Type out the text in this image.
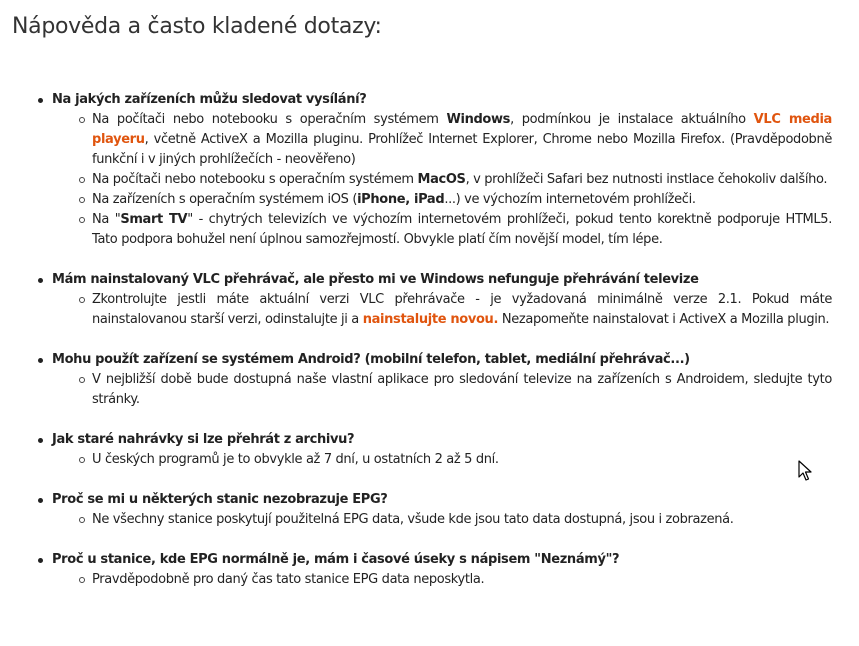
Nápověda a často kladené dotazy:
Na jakých zařízeních můžu sledovat vysílání?
Na počítači nebo notebooku s operačním systémem Windows, podmínkou je instalace aktuálního VLC media playeru, včetně ActiveX a Mozilla pluginu. Prohlížeč Internet Explorer, Chrome nebo Mozilla Firefox. (Pravděpodobně funkční i v jiných prohlížečích - neověřeno)
Na počítači nebo notebooku s operačním systémem MacOS, v prohlížeči Safari bez nutnosti instlace čehokoliv dalšího.
Na zařízeních s operačním systémem iOS (iPhone, iPad...) ve výchozím internetovém prohlížeči.
Na "Smart TV" - chytrých televizích ve výchozím internetovém prohlížeči, pokud tento korektně podporuje HTML5. Tato podpora bohužel není úplnou samozřejmostí. Obvykle platí čím novější model, tím lépe.
Mám nainstalovaný VLC přehrávač, ale přesto mi ve Windows nefunguje přehrávání televize
Zkontrolujte jestli máte aktuální verzi VLC přehrávače - je vyžadovaná minimálně verze 2.1. Pokud máte nainstalovanou starší verzi, odinstalujte ji a nainstalujte novou. Nezapomeňte nainstalovat i ActiveX a Mozilla plugin.
Mohu použít zařízení se systémem Android? (mobilní telefon, tablet, mediální přehrávač...)
V nejbližší době bude dostupná naše vlastní aplikace pro sledování televize na zařízeních s Androidem, sledujte tyto stránky.
Jak staré nahrávky si lze přehrát z archivu?
U českých programů je to obvykle až 7 dní, u ostatních 2 až 5 dní.
Proč se mi u některých stanic nezobrazuje EPG?
Ne všechny stanice poskytují použitelná EPG data, všude kde jsou tato data dostupná, jsou i zobrazená.
Proč u stanice, kde EPG normálně je, mám i časové úseky s nápisem "Neznámý"?
Pravděpodobně pro daný čas tato stanice EPG data neposkytla.
